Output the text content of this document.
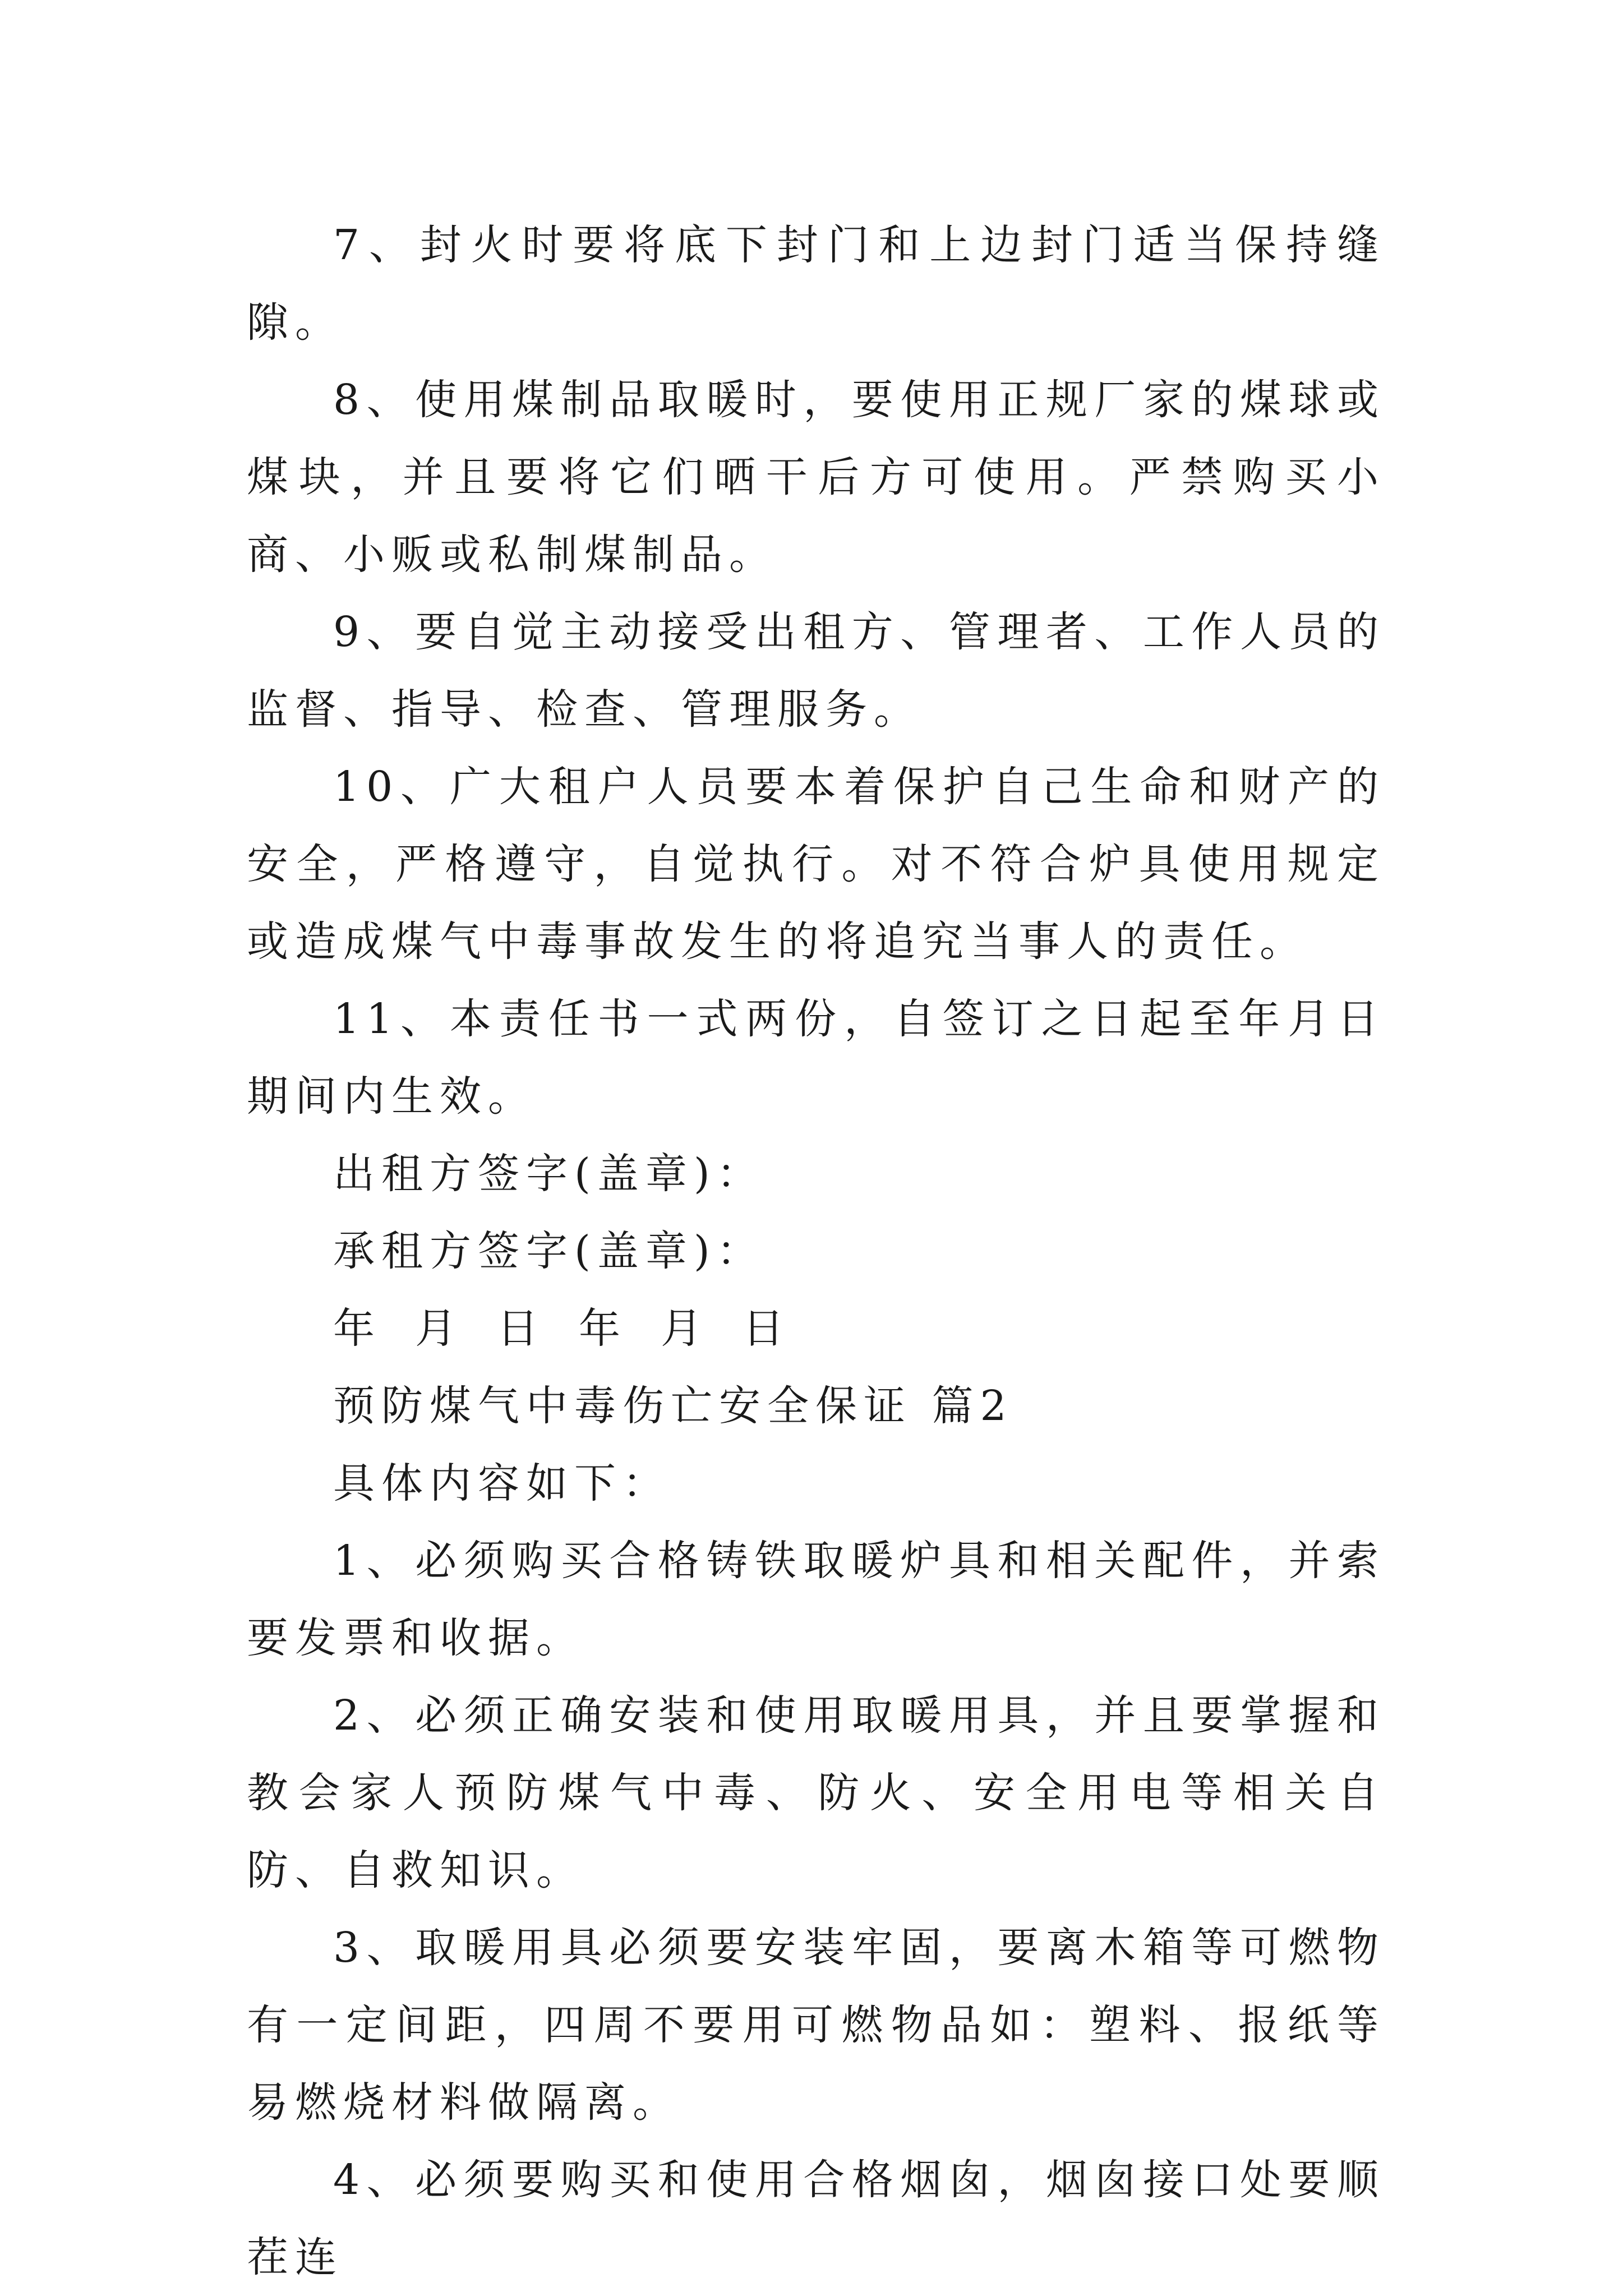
7、封火时要将底下封门和上边封门适当保持缝隙。

8、使用煤制品取暖时，要使用正规厂家的煤球或煤块，并且要将它们晒干后方可使用。严禁购买小商、小贩或私制煤制品。

9、要自觉主动接受出租方、管理者、工作人员的监督、指导、检查、管理服务。

10、广大租户人员要本着保护自己生命和财产的安全，严格遵守，自觉执行。对不符合炉具使用规定或造成煤气中毒事故发生的将追究当事人的责任。

11、本责任书一式两份，自签订之日起至年月日期间内生效。

出租方签字(盖章)：

承租方签字(盖章)：

年 月 日 年 月 日

预防煤气中毒伤亡安全保证 篇2

具体内容如下：

1、必须购买合格铸铁取暖炉具和相关配件，并索要发票和收据。

2、必须正确安装和使用取暖用具，并且要掌握和教会家人预防煤气中毒、防火、安全用电等相关自防、自救知识。

3、取暖用具必须要安装牢固，要离木箱等可燃物有一定间距，四周不要用可燃物品如：塑料、报纸等易燃烧材料做隔离。

4、必须要购买和使用合格烟囱，烟囱接口处要顺茬连
